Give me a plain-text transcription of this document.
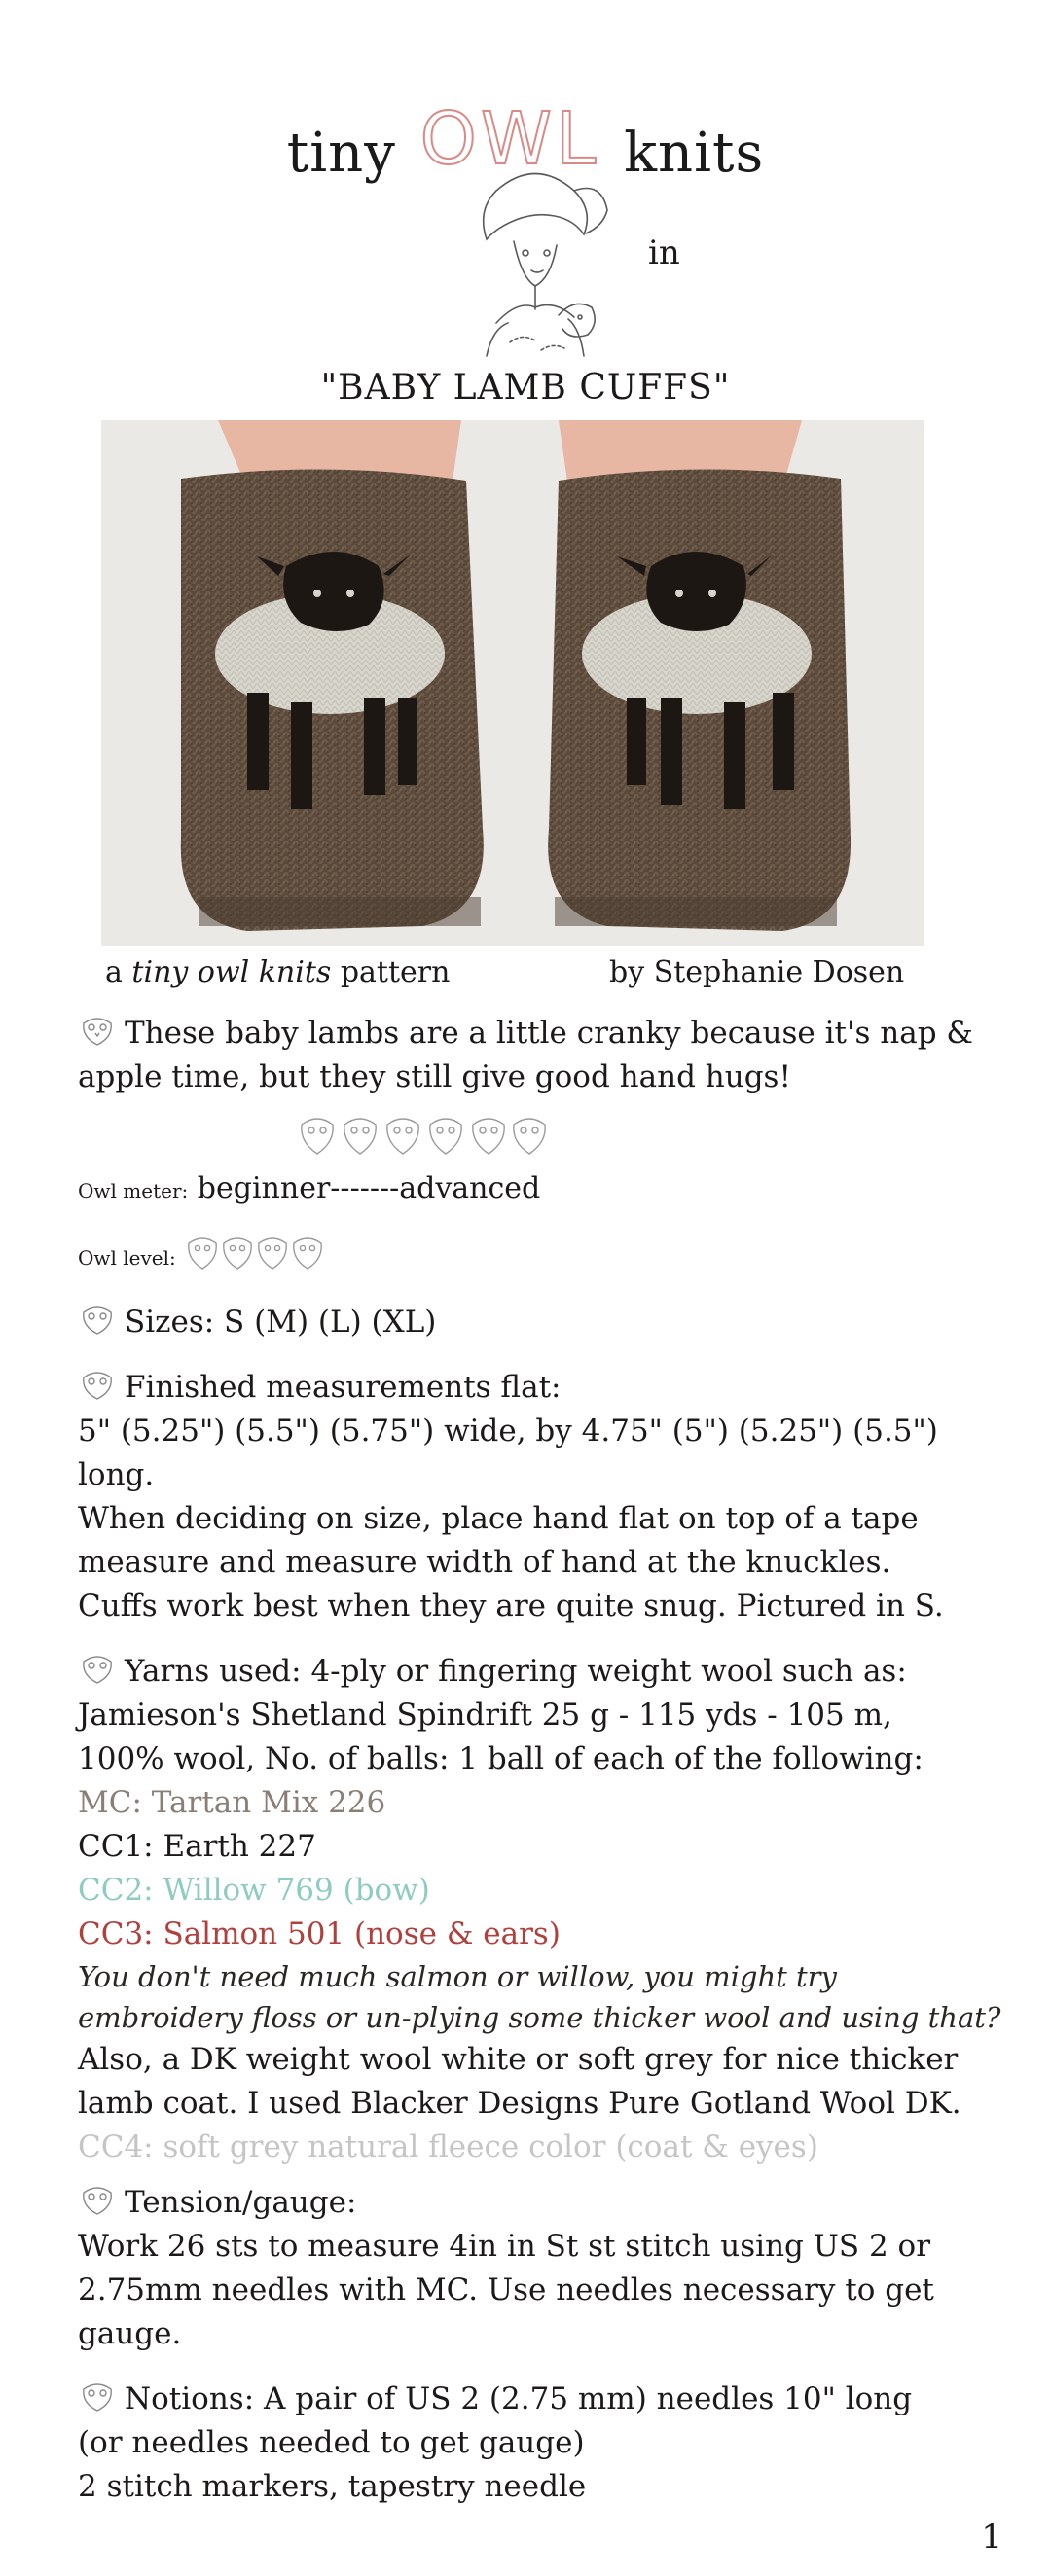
tiny OWL knits
in
"BABY LAMB CUFFS"
a tiny owl knits pattern	by Stephanie Dosen

These baby lambs are a little cranky because it's nap & apple time, but they still give good hand hugs!

Owl meter: beginner-------advanced

Owl level:

Sizes: S (M) (L) (XL)

Finished measurements flat:

5" (5.25") (5.5") (5.75") wide, by 4.75" (5") (5.25") (5.5") long.

When deciding on size, place hand flat on top of a tape measure and measure width of hand at the knuckles.

Cuffs work best when they are quite snug. Pictured in S.

Yarns used: 4-ply or fingering weight wool such as:

Jamieson's Shetland Spindrift 25 g - 115 yds - 105 m,

100% wool, No. of balls: 1 ball of each of the following:

MC: Tartan Mix 226

CC1: Earth 227

CC2: Willow 769 (bow)

CC3: Salmon 501 (nose & ears)

You don't need much salmon or willow, you might try embroidery floss or un-plying some thicker wool and using that?

Also, a DK weight wool white or soft grey for nice thicker lamb coat. I used Blacker Designs Pure Gotland Wool DK.

CC4: soft grey natural fleece color (coat & eyes)

Tension/gauge:

Work 26 sts to measure 4in in St st stitch using US 2 or 2.75mm needles with MC. Use needles necessary to get gauge.

Notions: A pair of US 2 (2.75 mm) needles 10" long

(or needles needed to get gauge)

2 stitch markers, tapestry needle

1
